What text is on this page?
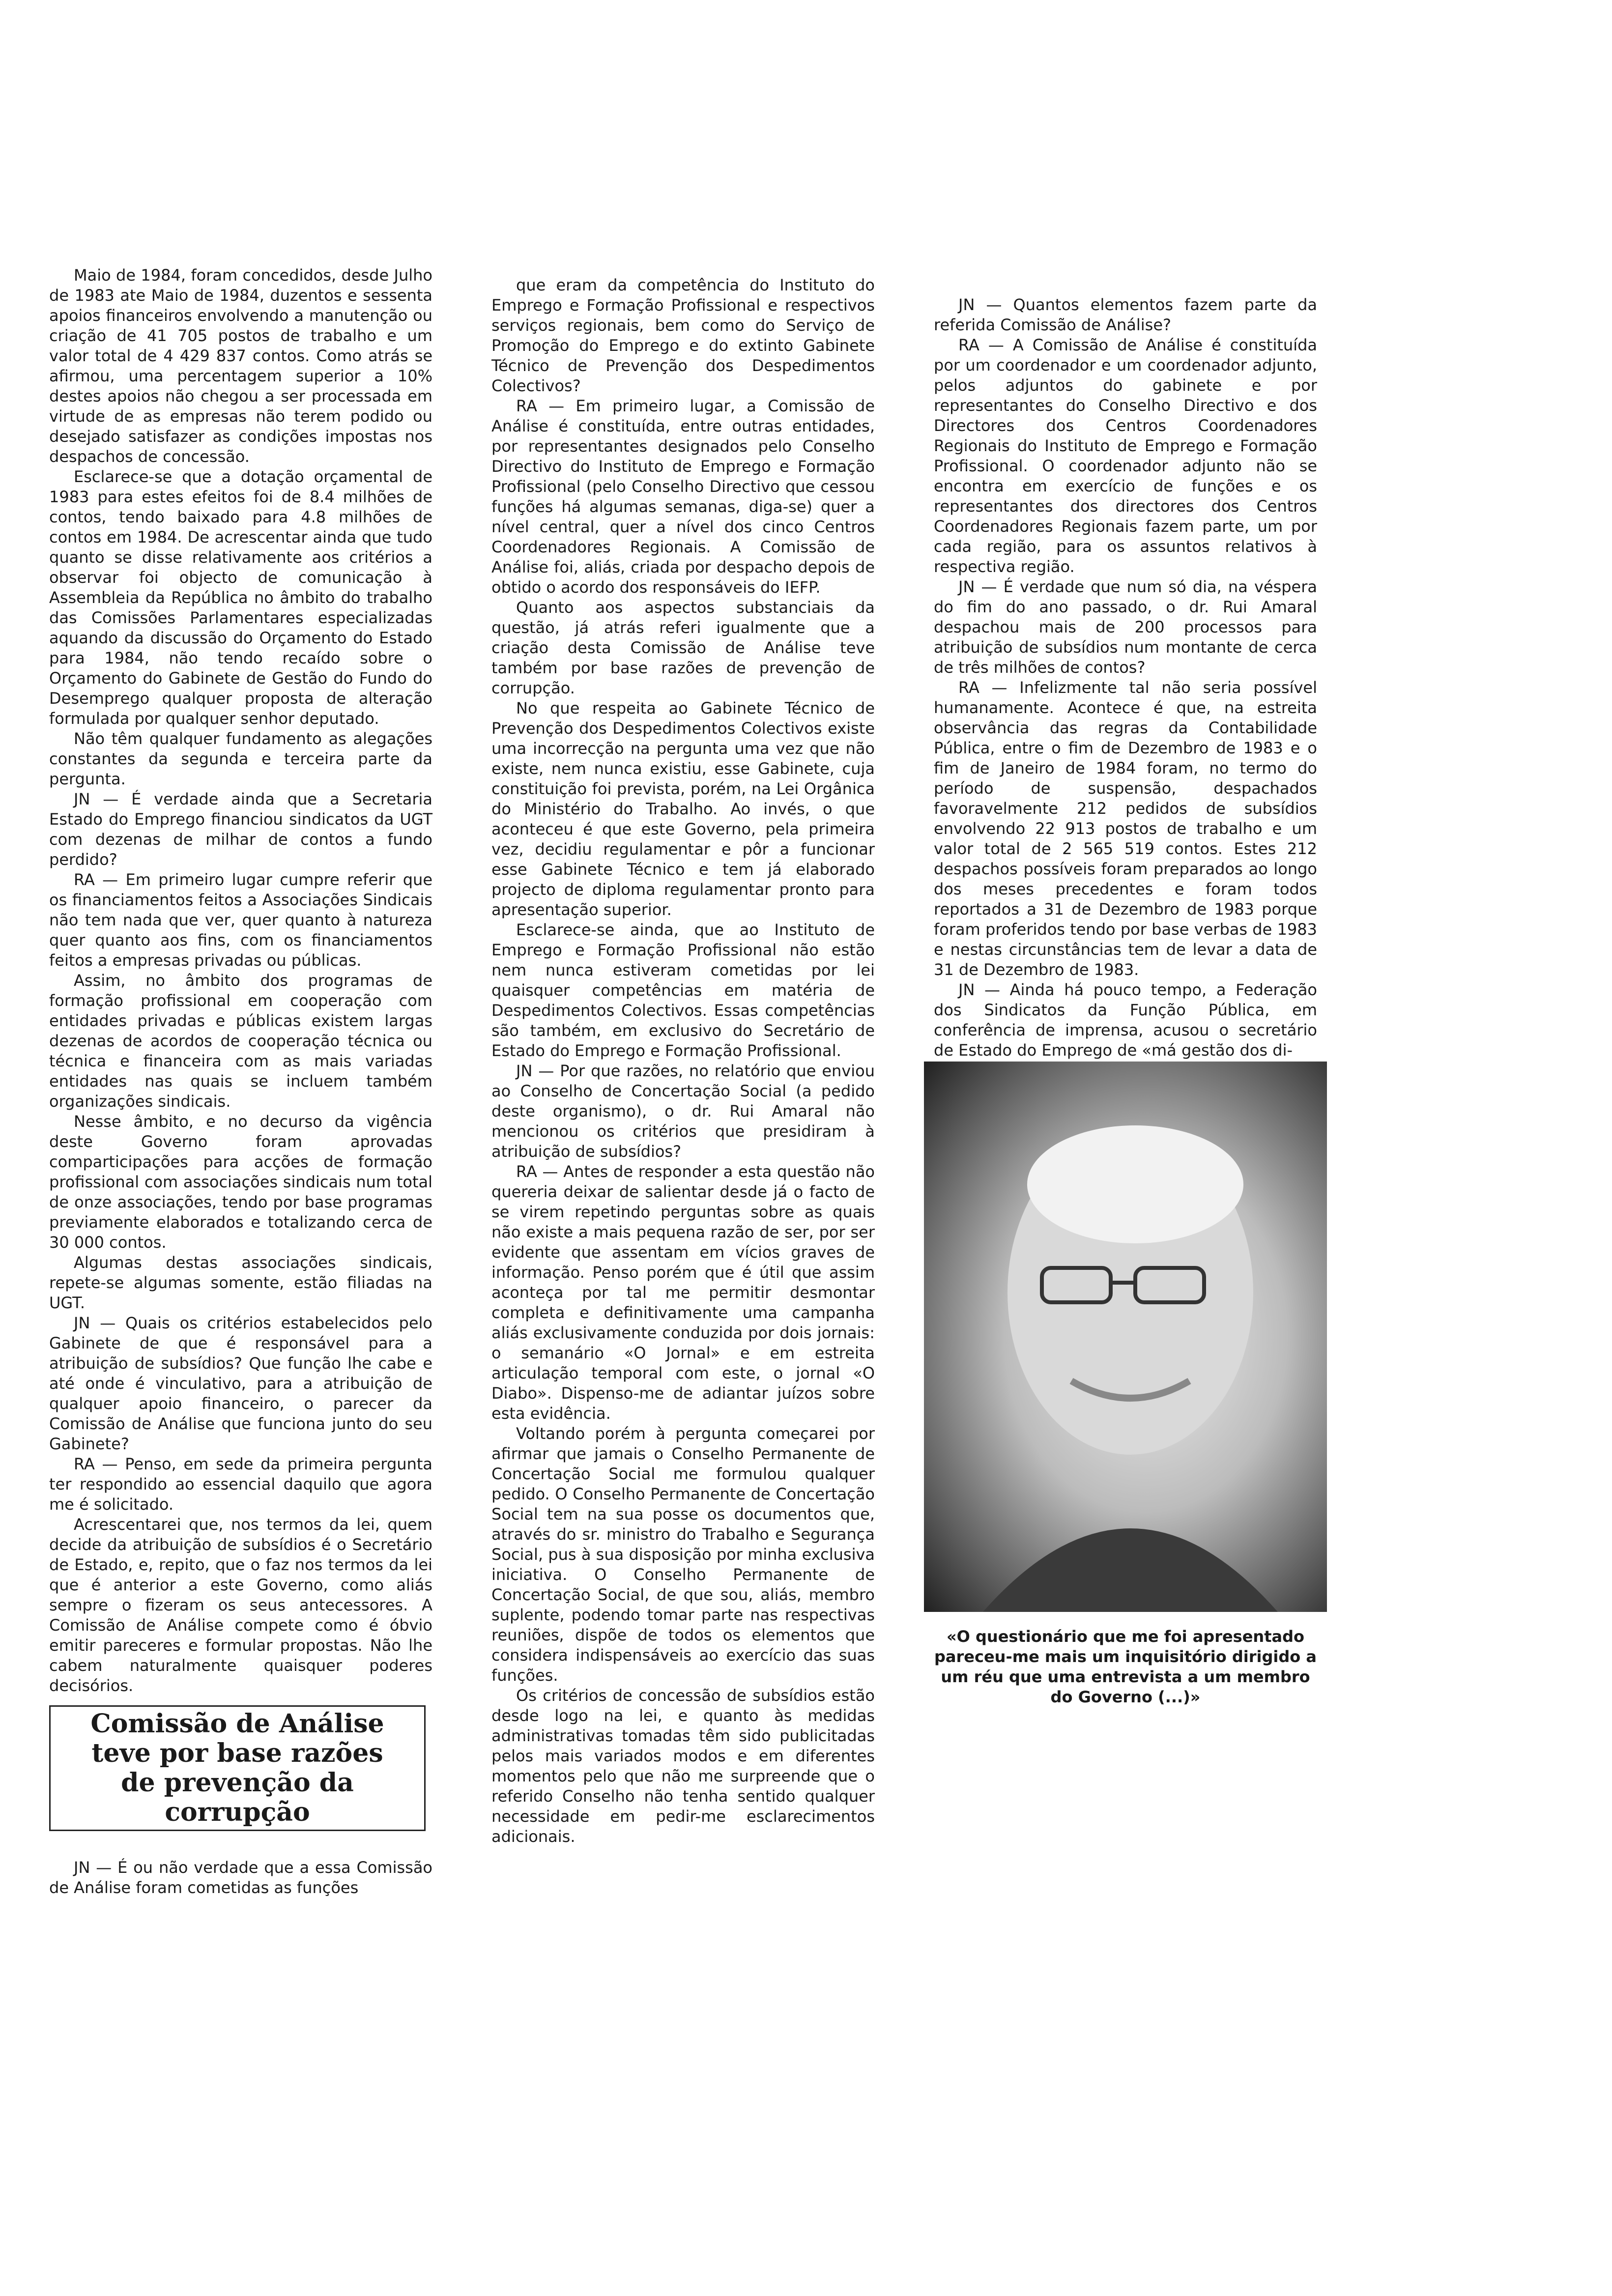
Maio de 1984, foram concedidos, desde Julho de 1983 ate Maio de 1984, duzentos e sessenta apoios financeiros envolvendo a manutenção ou criação de 41 705 postos de trabalho e um valor total de 4 429 837 contos. Como atrás se afirmou, uma percentagem superior a 10% destes apoios não chegou a ser processada em virtude de as empresas não terem podido ou desejado satisfazer as condições impostas nos despachos de concessão.

Esclarece-se que a dotação orçamental de 1983 para estes efeitos foi de 8.4 milhões de contos, tendo baixado para 4.8 milhões de contos em 1984. De acrescentar ainda que tudo quanto se disse relativamente aos critérios a observar foi objecto de comunicação à Assembleia da República no âmbito do trabalho das Comissões Parlamentares especializadas aquando da discussão do Orçamento do Estado para 1984, não tendo recaído sobre o Orçamento do Gabinete de Gestão do Fundo do Desemprego qualquer proposta de alteração formulada por qualquer senhor deputado.

Não têm qualquer fundamento as alegações constantes da segunda e terceira parte da pergunta.

JN — É verdade ainda que a Secretaria Estado do Emprego financiou sindicatos da UGT com dezenas de milhar de contos a fundo perdido?

RA — Em primeiro lugar cumpre referir que os financiamentos feitos a Associações Sindicais não tem nada que ver, quer quanto à natureza quer quanto aos fins, com os financiamentos feitos a empresas privadas ou públicas.

Assim, no âmbito dos programas de formação profissional em cooperação com entidades privadas e públicas existem largas dezenas de acordos de cooperação técnica ou técnica e financeira com as mais variadas entidades nas quais se incluem também organizações sindicais.

Nesse âmbito, e no decurso da vigência deste Governo foram aprovadas comparticipações para acções de formação profissional com associações sindicais num total de onze associações, tendo por base programas previamente elaborados e totalizando cerca de 30 000 contos.

Algumas destas associações sindicais, repete-se algumas somente, estão filiadas na UGT.

JN — Quais os critérios estabelecidos pelo Gabinete de que é responsável para a atribuição de subsídios? Que função lhe cabe e até onde é vinculativo, para a atribuição de qualquer apoio financeiro, o parecer da Comissão de Análise que funciona junto do seu Gabinete?

RA — Penso, em sede da primeira pergunta ter respondido ao essencial daquilo que agora me é solicitado.

Acrescentarei que, nos termos da lei, quem decide da atribuição de subsídios é o Secretário de Estado, e, repito, que o faz nos termos da lei que é anterior a este Governo, como aliás sempre o fizeram os seus antecessores. A Comissão de Análise compete como é óbvio emitir pareceres e formular propostas. Não lhe cabem naturalmente quaisquer poderes decisórios.

Comissão de Análise teve por base razões de prevenção da corrupção

JN — É ou não verdade que a essa Comissão de Análise foram cometidas as funções

que eram da competência do Instituto do Emprego e Formação Profissional e respectivos serviços regionais, bem como do Serviço de Promoção do Emprego e do extinto Gabinete Técnico de Prevenção dos Despedimentos Colectivos?

RA — Em primeiro lugar, a Comissão de Análise é constituída, entre outras entidades, por representantes designados pelo Conselho Directivo do Instituto de Emprego e Formação Profissional (pelo Conselho Directivo que cessou funções há algumas semanas, diga-se) quer a nível central, quer a nível dos cinco Centros Coordenadores Regionais. A Comissão de Análise foi, aliás, criada por despacho depois de obtido o acordo dos responsáveis do IEFP.

Quanto aos aspectos substanciais da questão, já atrás referi igualmente que a criação desta Comissão de Análise teve também por base razões de prevenção de corrupção.

No que respeita ao Gabinete Técnico de Prevenção dos Despedimentos Colectivos existe uma incorrecção na pergunta uma vez que não existe, nem nunca existiu, esse Gabinete, cuja constituição foi prevista, porém, na Lei Orgânica do Ministério do Trabalho. Ao invés, o que aconteceu é que este Governo, pela primeira vez, decidiu regulamentar e pôr a funcionar esse Gabinete Técnico e tem já elaborado projecto de diploma regulamentar pronto para apresentação superior.

Esclarece-se ainda, que ao Instituto de Emprego e Formação Profissional não estão nem nunca estiveram cometidas por lei quaisquer competências em matéria de Despedimentos Colectivos. Essas competências são também, em exclusivo do Secretário de Estado do Emprego e Formação Profissional.

JN — Por que razões, no relatório que enviou ao Conselho de Concertação Social (a pedido deste organismo), o dr. Rui Amaral não mencionou os critérios que presidiram à atribuição de subsídios?

RA — Antes de responder a esta questão não quereria deixar de salientar desde já o facto de se virem repetindo perguntas sobre as quais não existe a mais pequena razão de ser, por ser evidente que assentam em vícios graves de informação. Penso porém que é útil que assim aconteça por tal me permitir desmontar completa e definitivamente uma campanha aliás exclusivamente conduzida por dois jornais: o semanário «O Jornal» e em estreita articulação temporal com este, o jornal «O Diabo». Dispenso-me de adiantar juízos sobre esta evidência.

Voltando porém à pergunta começarei por afirmar que jamais o Conselho Permanente de Concertação Social me formulou qualquer pedido. O Conselho Permanente de Concertação Social tem na sua posse os documentos que, através do sr. ministro do Trabalho e Segurança Social, pus à sua disposição por minha exclusiva iniciativa. O Conselho Permanente de Concertação Social, de que sou, aliás, membro suplente, podendo tomar parte nas respectivas reuniões, dispõe de todos os elementos que considera indispensáveis ao exercício das suas funções.

Os critérios de concessão de subsídios estão desde logo na lei, e quanto às medidas administrativas tomadas têm sido publicitadas pelos mais variados modos e em diferentes momentos pelo que não me surpreende que o referido Conselho não tenha sentido qualquer necessidade em pedir-me esclarecimentos adicionais.

JN — Quantos elementos fazem parte da referida Comissão de Análise?

RA — A Comissão de Análise é constituída por um coordenador e um coordenador adjunto, pelos adjuntos do gabinete e por representantes do Conselho Directivo e dos Directores dos Centros Coordenadores Regionais do Instituto de Emprego e Formação Profissional. O coordenador adjunto não se encontra em exercício de funções e os representantes dos directores dos Centros Coordenadores Regionais fazem parte, um por cada região, para os assuntos relativos à respectiva região.

JN — É verdade que num só dia, na véspera do fim do ano passado, o dr. Rui Amaral despachou mais de 200 processos para atribuição de subsídios num montante de cerca de três milhões de contos?

RA — Infelizmente tal não seria possível humanamente. Acontece é que, na estreita observância das regras da Contabilidade Pública, entre o fim de Dezembro de 1983 e o fim de Janeiro de 1984 foram, no termo do período de suspensão, despachados favoravelmente 212 pedidos de subsídios envolvendo 22 913 postos de trabalho e um valor total de 2 565 519 contos. Estes 212 despachos possíveis foram preparados ao longo dos meses precedentes e foram todos reportados a 31 de Dezembro de 1983 porque foram proferidos tendo por base verbas de 1983 e nestas circunstâncias tem de levar a data de 31 de Dezembro de 1983.

JN — Ainda há pouco tempo, a Federação dos Sindicatos da Função Pública, em conferência de imprensa, acusou o secretário de Estado do Emprego de «má gestão dos di-

«O questionário que me foi apresentado pareceu-me mais um inquisitório dirigido a um réu que uma entrevista a um membro do Governo (...)»
